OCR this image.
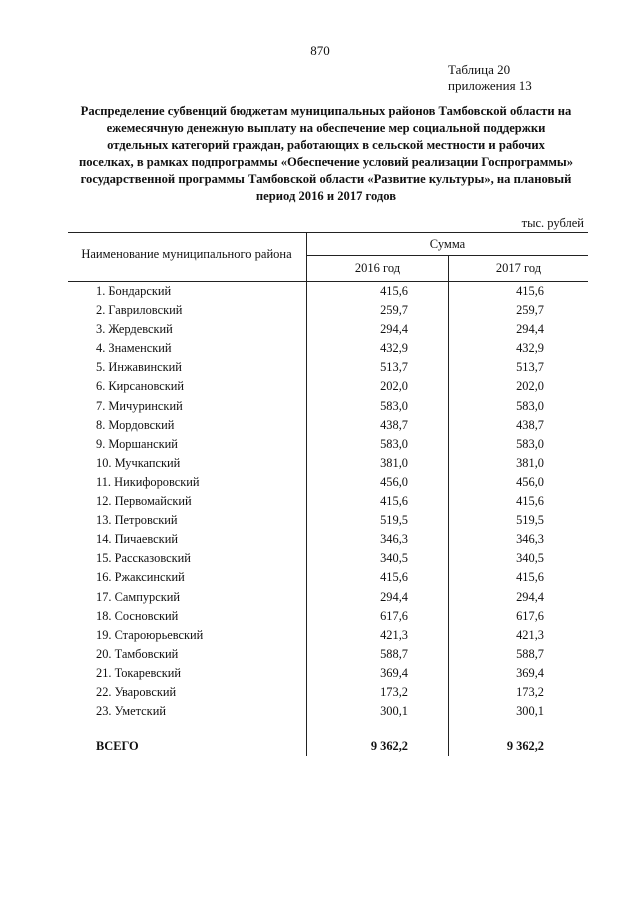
870
Таблица 20
приложения 13
Распределение субвенций бюджетам муниципальных районов Тамбовской области на
ежемесячную денежную выплату на обеспечение мер социальной поддержки
отдельных категорий граждан, работающих в сельской местности и рабочих
поселках, в рамках подпрограммы «Обеспечение условий реализации Госпрограммы»
государственной программы Тамбовской области «Развитие культуры», на плановый
период 2016 и 2017 годов
тыс. рублей
Наименование муниципального района
Сумма
2016 год	2017 год
1. Бондарский	415,6	415,6
2. Гавриловский	259,7	259,7
3. Жердевский	294,4	294,4
4. Знаменский	432,9	432,9
5. Инжавинский	513,7	513,7
6. Кирсановский	202,0	202,0
7. Мичуринский	583,0	583,0
8. Мордовский	438,7	438,7
9. Моршанский	583,0	583,0
10. Мучкапский	381,0	381,0
11. Никифоровский	456,0	456,0
12. Первомайский	415,6	415,6
13. Петровский	519,5	519,5
14. Пичаевский	346,3	346,3
15. Рассказовский	340,5	340,5
16. Ржаксинский	415,6	415,6
17. Сампурский	294,4	294,4
18. Сосновский	617,6	617,6
19. Староюрьевский	421,3	421,3
20. Тамбовский	588,7	588,7
21. Токаревский	369,4	369,4
22. Уваровский	173,2	173,2
23. Уметский	300,1	300,1
ВСЕГО	9 362,2	9 362,2
